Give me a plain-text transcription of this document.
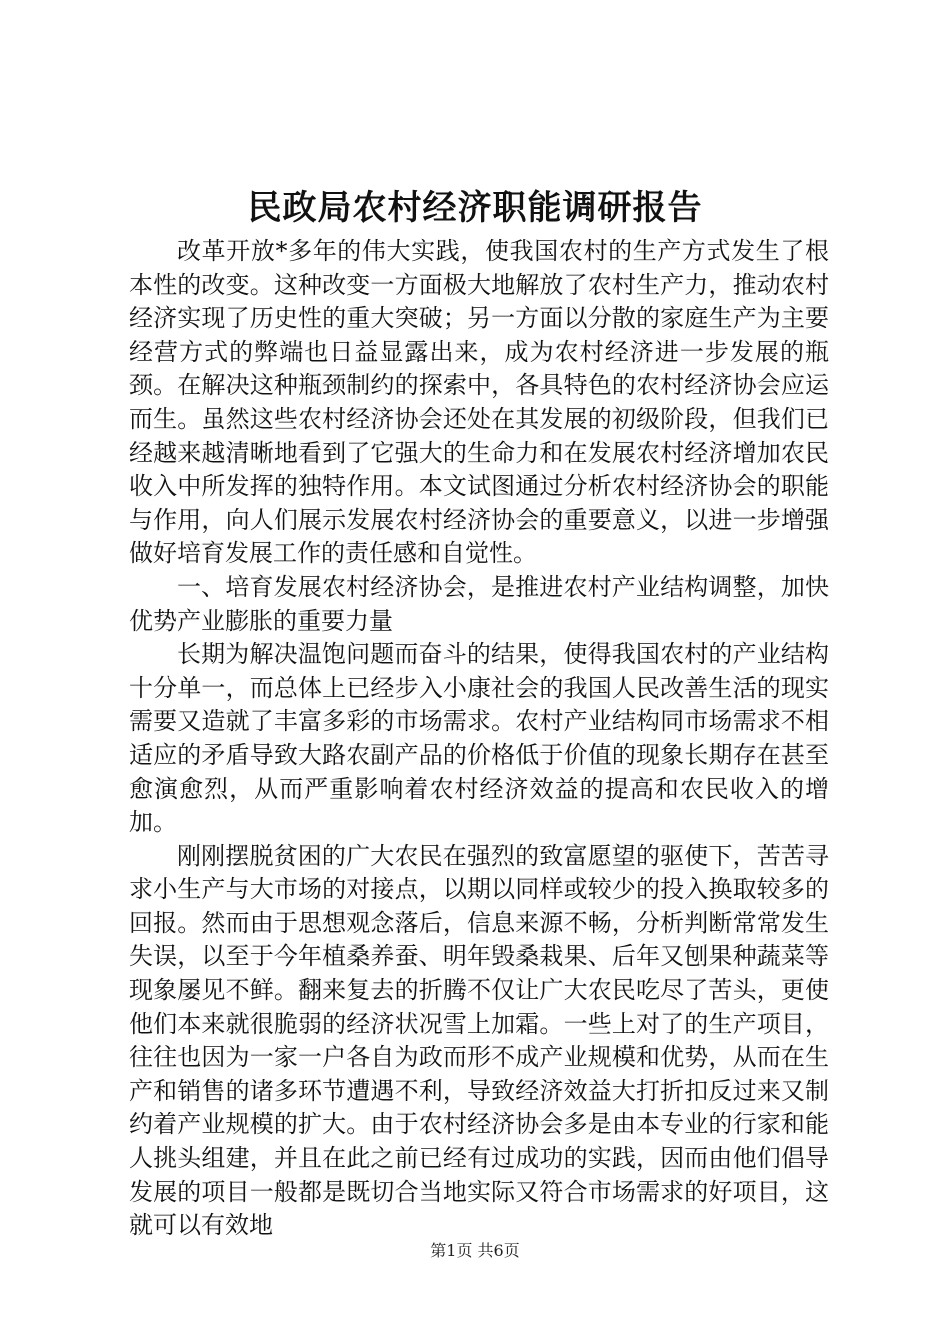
民政局农村经济职能调研报告

改革开放*多年的伟大实践，使我国农村的生产方式发生了根本性的改变。这种改变一方面极大地解放了农村生产力，推动农村经济实现了历史性的重大突破；另一方面以分散的家庭生产为主要经营方式的弊端也日益显露出来，成为农村经济进一步发展的瓶颈。在解决这种瓶颈制约的探索中，各具特色的农村经济协会应运而生。虽然这些农村经济协会还处在其发展的初级阶段，但我们已经越来越清晰地看到了它强大的生命力和在发展农村经济增加农民收入中所发挥的独特作用。本文试图通过分析农村经济协会的职能与作用，向人们展示发展农村经济协会的重要意义，以进一步增强做好培育发展工作的责任感和自觉性。

一、培育发展农村经济协会，是推进农村产业结构调整，加快优势产业膨胀的重要力量

长期为解决温饱问题而奋斗的结果，使得我国农村的产业结构十分单一，而总体上已经步入小康社会的我国人民改善生活的现实需要又造就了丰富多彩的市场需求。农村产业结构同市场需求不相适应的矛盾导致大路农副产品的价格低于价值的现象长期存在甚至愈演愈烈，从而严重影响着农村经济效益的提高和农民收入的增加。

刚刚摆脱贫困的广大农民在强烈的致富愿望的驱使下，苦苦寻求小生产与大市场的对接点，以期以同样或较少的投入换取较多的回报。然而由于思想观念落后，信息来源不畅，分析判断常常发生失误，以至于今年植桑养蚕、明年毁桑栽果、后年又刨果种蔬菜等现象屡见不鲜。翻来复去的折腾不仅让广大农民吃尽了苦头，更使他们本来就很脆弱的经济状况雪上加霜。一些上对了的生产项目，往往也因为一家一户各自为政而形不成产业规模和优势，从而在生产和销售的诸多环节遭遇不利，导致经济效益大打折扣反过来又制约着产业规模的扩大。由于农村经济协会多是由本专业的行家和能人挑头组建，并且在此之前已经有过成功的实践，因而由他们倡导发展的项目一般都是既切合当地实际又符合市场需求的好项目，这就可以有效地

第1页 共6页
